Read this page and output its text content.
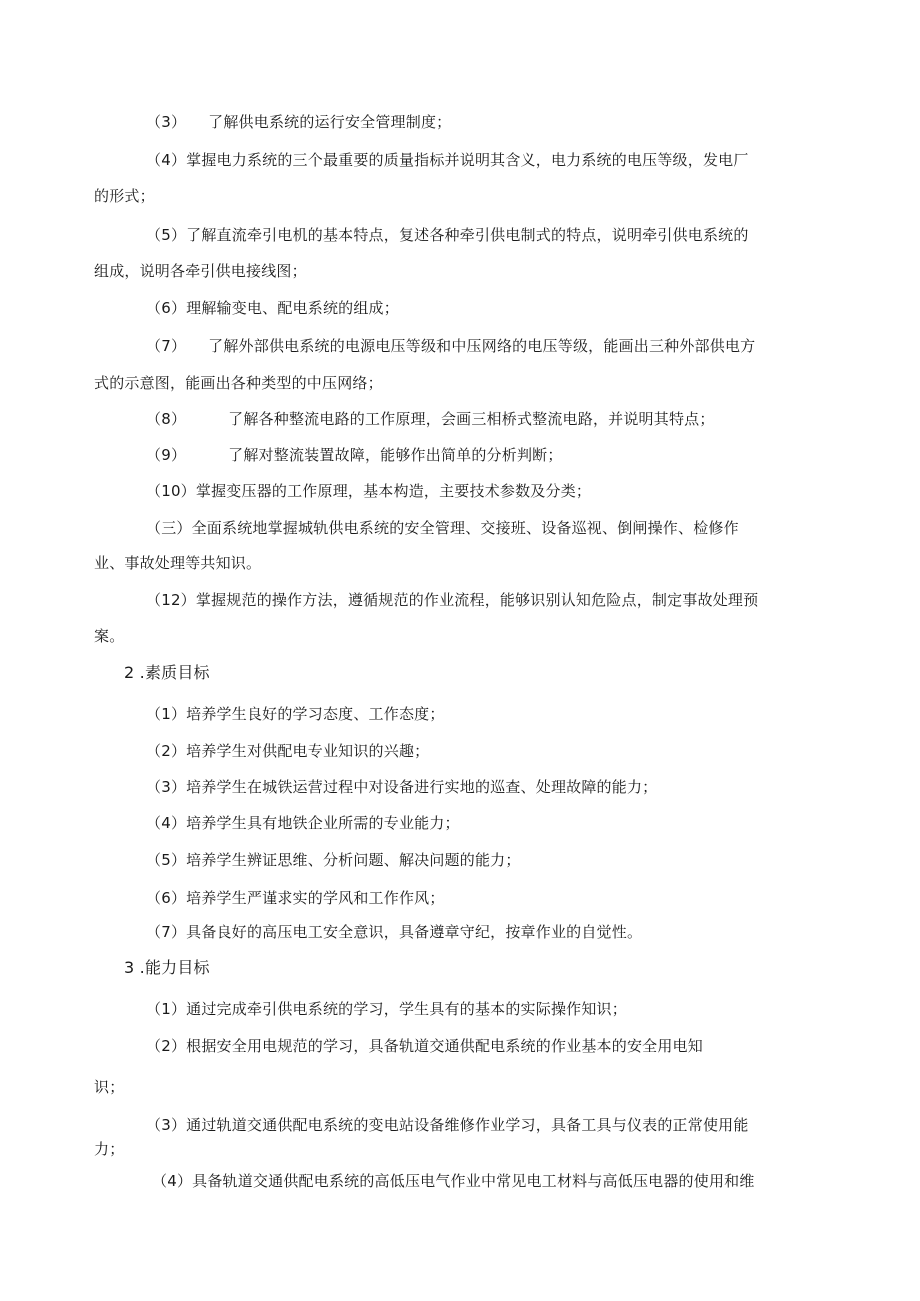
（3） 了解供电系统的运行安全管理制度；
（4）掌握电力系统的三个最重要的质量指标并说明其含义，电力系统的电压等级，发电厂
的形式；
（5）了解直流牵引电机的基本特点，复述各种牵引供电制式的特点，说明牵引供电系统的
组成，说明各牵引供电接线图；
（6）理解输变电、配电系统的组成；
（7） 了解外部供电系统的电源电压等级和中压网络的电压等级，能画出三种外部供电方
式的示意图，能画出各种类型的中压网络；
（8）	了解各种整流电路的工作原理，会画三相桥式整流电路，并说明其特点；
（9）	了解对整流装置故障，能够作出简单的分析判断；
（10）掌握变压器的工作原理，基本构造，主要技术参数及分类；
（三）全面系统地掌握城轨供电系统的安全管理、交接班、设备巡视、倒闸操作、检修作
业、事故处理等共知识。
（12）掌握规范的操作方法，遵循规范的作业流程，能够识别认知危险点，制定事故处理预
案。
2 .素质目标
（1）培养学生良好的学习态度、工作态度；
（2）培养学生对供配电专业知识的兴趣；
（3）培养学生在城铁运营过程中对设备进行实地的巡查、处理故障的能力；
（4）培养学生具有地铁企业所需的专业能力；
（5）培养学生辨证思维、分析问题、解决问题的能力；
（6）培养学生严谨求实的学风和工作作风；
（7）具备良好的高压电工安全意识，具备遵章守纪，按章作业的自觉性。
3 .能力目标
（1）通过完成牵引供电系统的学习，学生具有的基本的实际操作知识；
（2）根据安全用电规范的学习，具备轨道交通供配电系统的作业基本的安全用电知
识；
（3）通过轨道交通供配电系统的变电站设备维修作业学习，具备工具与仪表的正常使用能
力；
（4）具备轨道交通供配电系统的高低压电气作业中常见电工材料与高低压电器的使用和维
